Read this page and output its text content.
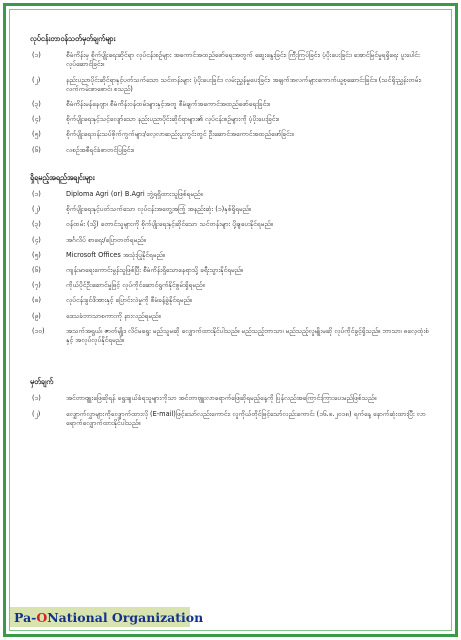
လုပ်ငန်းတာဝန်သတ်မှတ်ချက်များ
(၁)	စီမံကိန်းမှ စိုက်ပျိုးရေးဆိုင်ရာ လုပ်ငန်းစဉ်များ အကောင်အထည်ဖော်ရေးအတွက် ဆွေးနွေးခြင်း၊ ကြီးကြပ်ခြင်း၊ ပံ့ပိုးပေးခြင်း၊ အောင်မြင်မှုရရှိရေး ပူးပေါင်းလုပ်ဆောင်ခြင်း။
(၂)	နည်းပညာပိုင်းဆိုင်ရာနှင့်ပတ်သက်သော သင်တန်းများ ပံ့ပိုးပေးခြင်း၊ လမ်းညွှန်မှုပေးခြင်း၊ အချက်အလက်များကောက်ယူစုဆောင်းခြင်း။ (သင်ရိုးညွှန်းတမ်း၊ လက်ကမ်းစာစောင်၊ စသည်)
(၃)	စီမံကိန်းမန်နေဂျာ၊ စီမံကိန်းဝန်ထမ်းများနှင့်အတူ စီမံချက်အကောင်အထည်ဖော်ရေးခြင်း။
(၄)	စိုက်ပျိုးရေးနှင့်သင့်လျော်သော နည်းပညာပိုင်းဆိုင်ရာများ၏ လုပ်ငန်းစဉ်များကို ပံ့ပိုးပေးခြင်း။
(၅)	စိုက်ပျိုးရေးဝန်းသပ်စိုက်ကွက်များ/လေ့လာဆည်းပူးကွင်းတွင် ဦးဆောင်အကောင်အထည်ဖော်ခြင်း။
(၆)	လစဉ်အစီရင်ခံစာတင်ပြခြင်း။
ရှိရမည့်အရည်အချင်းများ
(၁)	Diploma Agri (or) B.Agri ဘွဲ့ရရှိထားသူဖြစ်ရမည်။
(၂)	စိုက်ပျိုးရေးနှင့်ပတ်သက်သော လုပ်ငန်းအတွေ့အကြုံ အနည်းဆုံး (၁)နှစ်ရှိရမည်။
(၃)	ဝန်ထမ်း (သို့) တောင်သူများကို စိုက်ပျိုးရေးနှင့်ဆိုင်သော သင်တန်းများ ပို့ချပေးနိုင်ရမည်။
(၄)	အင်္ဂလိပ် စာရေး/ပြောတတ်ရမည်။
(၅)	Microsoft Offices အသုံးပြုနိုင်ရမည်။
(၆)	ကျန်းမာရေးကောင်းမွန်သူဖြစ်ပြီး စီမံကိန်းရှိသောနေရာသို့ ခရီးသွားနိုင်ရမည်။
(၇)	ကိုယ်ပိုင်ဦးဆောင်မှုဖြင့် လုပ်ကိုင်ဆောင်ရွက်နိုင်စွမ်းရှိရမည်။
(၈)	လုပ်ငန်းခွင်ဖိအားနှင့် ပြောင်းလဲမှုကို စီမံခန့်ခွဲနိုင်ရမည်။
(၉)	ဒေသခံဘာသာစကားကို နားလည်ရမည်။
(၁၀)	အသက်အရွယ်၊ ဇာတ်မျိုး၊ လိင်မရွေး မည်သူမဆို လျှောက်ထားနိုင်ပါသည်။ မည်သည့်ဘာသာ၊ မည်သည့်လူမျိုးမဆို လုပ်ကိုင်ခွင့်ရှိသည်။ ဘာသာ၊ ဓလေ့ထုံးစံနှင့် အလုပ်လုပ်နိုင်ရမည်။
မှတ်ချက်
(၁)	အင်တာဗျူးဖြေဆိုရန် ရွေးချယ်ခံရသူများကိုသာ အင်တာဗျူးလာရောက်ဖြေဆိုရမည့်နေ့ကို ပြန်လည်အကြောင်းကြားပေးမည်ဖြစ်သည်။
(၂)	လျှောက်လွှာများကိုလျှောက်ထားလို (E-mail)ဖြင့်သော်လည်းကောင်း၊ လူကိုယ်တိုင်ဖြင့်သော်လည်းကောင်း (၁၆.၈.၂၀၁၈) ရက်နေ့ နောက်ဆုံးထားပြီး လာရောက်လျှောက်ထားနိုင်ပါသည်။
Pa- O National Organization
